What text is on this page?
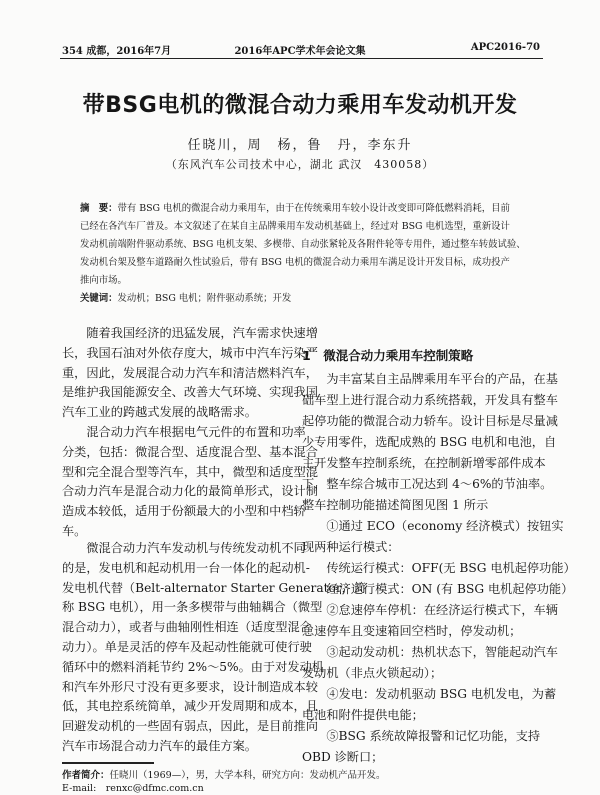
354 成都，2016年7月	2016年APC学术年会论文集	APC2016-70
带BSG电机的微混合动力乘用车发动机开发
任晓川，周　杨，鲁　丹，李东升
（东风汽车公司技术中心，湖北 武汉　430058）
摘　要：带有 BSG 电机的微混合动力乘用车，由于在传统乘用车较小设计改变即可降低燃料消耗，目前
已经在各汽车厂普及。本文叙述了在某自主品牌乘用车发动机基础上，经过对 BSG 电机选型，重新设计
发动机前端附件驱动系统、BSG 电机支架、多楔带、自动张紧轮及各附件轮等专用件，通过整车转鼓试验、
发动机台架及整车道路耐久性试验后，带有 BSG 电机的微混合动力乘用车满足设计开发目标，成功投产
推向市场。
关键词：发动机；BSG 电机；附件驱动系统；开发
　　随着我国经济的迅猛发展，汽车需求快速增
长，我国石油对外依存度大，城市中汽车污染严
重，因此，发展混合动力汽车和清洁燃料汽车，
是维护我国能源安全、改善大气环境、实现我国
汽车工业的跨越式发展的战略需求。
　　混合动力汽车根据电气元件的布置和功率
分类，包括：微混合型、适度混合型、基本混合
型和完全混合型等汽车，其中，微型和适度型混
合动力汽车是混合动力化的最简单形式，设计制
造成本较低，适用于份额最大的小型和中档轿
车。
　　微混合动力汽车发动机与传统发动机不同
的是，发电机和起动机用一台一体化的起动机-
发电机代替（Belt-alternator Starter Generator，简
称 BSG 电机），用一条多楔带与曲轴耦合（微型
混合动力），或者与曲轴刚性相连（适度型混合
动力）。单是灵活的停车及起动性能就可使行驶
循环中的燃料消耗节约 2%～5%。由于对发动机
和汽车外形尺寸没有更多要求，设计制造成本较
低，其电控系统简单，减少开发周期和成本，且
回避发动机的一些固有弱点，因此，是目前推向
汽车市场混合动力汽车的最佳方案。
1　微混合动力乘用车控制策略
　　为丰富某自主品牌乘用车平台的产品，在基
础车型上进行混合动力系统搭载，开发具有整车
起停功能的微混合动力轿车。设计目标是尽量减
少专用零件，选配成熟的 BSG 电机和电池，自
主开发整车控制系统，在控制新增零部件成本
下，整车综合城市工况达到 4～6%的节油率。
整车控制功能描述简图见图 1 所示
　　①通过 ECO（economy 经济模式）按钮实
现两种运行模式：
　　传统运行模式：OFF(无 BSG 电机起停功能）
　　经济运行模式：ON (有 BSG 电机起停功能）
　　②怠速停车停机：在经济运行模式下，车辆
怠速停车且变速箱回空档时，停发动机；
　　③起动发动机：热机状态下，智能起动汽车
发动机（非点火锁起动）；
　　④发电：发动机驱动 BSG 电机发电，为蓄
电池和附件提供电能；
　　⑤BSG 系统故障报警和记忆功能，支持
OBD 诊断口；
作者简介：任晓川（1969—），男，大学本科，研究方向：发动机产品开发。
E-mail:　renxc@dfmc.com.cn
